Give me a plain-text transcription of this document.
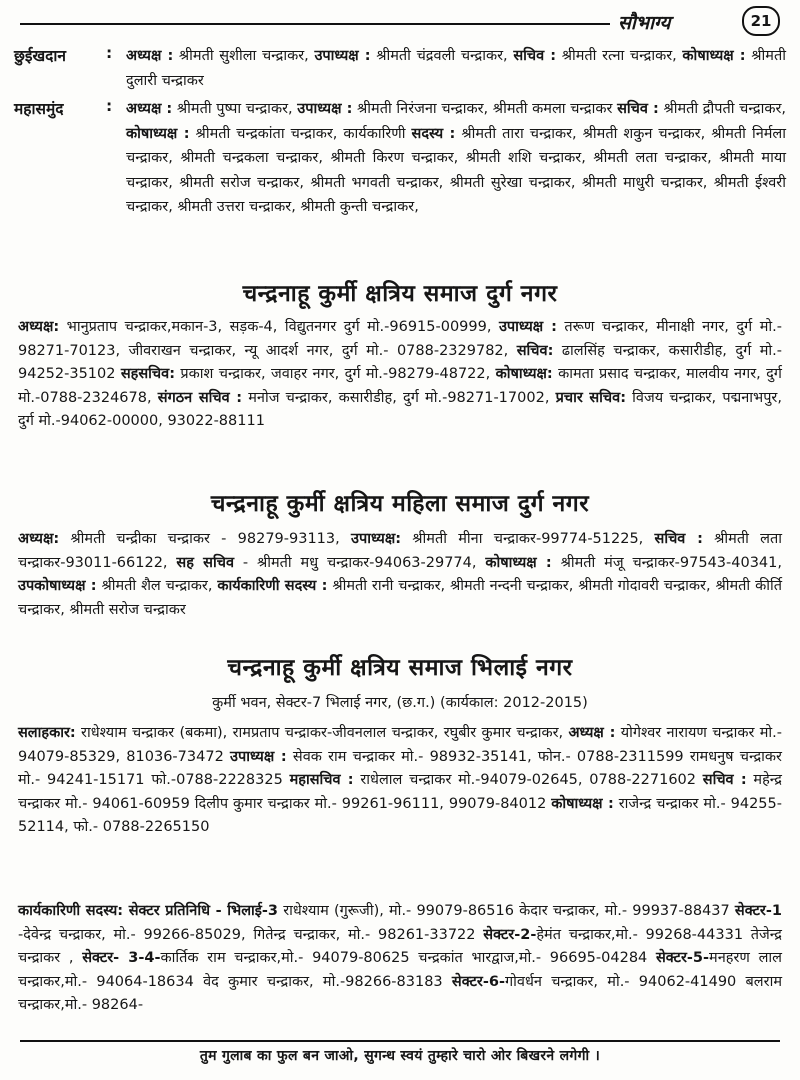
सौभाग्य	21
छुईखदान	: अध्यक्ष : श्रीमती सुशीला चन्द्राकर, उपाध्यक्ष : श्रीमती चंद्रवली चन्द्राकर, सचिव : श्रीमती रत्ना चन्द्राकर, कोषाध्यक्ष : श्रीमती दुलारी चन्द्राकर
महासमुंद	: अध्यक्ष : श्रीमती पुष्पा चन्द्राकर, उपाध्यक्ष : श्रीमती निरंजना चन्द्राकर, श्रीमती कमला चन्द्राकर सचिव : श्रीमती द्रौपती चन्द्राकर, कोषाध्यक्ष : श्रीमती चन्द्रकांता चन्द्राकर, कार्यकारिणी सदस्य : श्रीमती तारा चन्द्राकर, श्रीमती शकुन चन्द्राकर, श्रीमती निर्मला चन्द्राकर, श्रीमती चन्द्रकला चन्द्राकर, श्रीमती किरण चन्द्राकर, श्रीमती शशि चन्द्राकर, श्रीमती लता चन्द्राकर, श्रीमती माया चन्द्राकर, श्रीमती सरोज चन्द्राकर, श्रीमती भगवती चन्द्राकर, श्रीमती सुरेखा चन्द्राकर, श्रीमती माधुरी चन्द्राकर, श्रीमती ईश्वरी चन्द्राकर, श्रीमती उत्तरा चन्द्राकर, श्रीमती कुन्ती चन्द्राकर,
चन्द्रनाहू कुर्मी क्षत्रिय समाज दुर्ग नगर
अध्यक्ष: भानुप्रताप चन्द्राकर,मकान-3, सड़क-4, विद्युतनगर दुर्ग मो.-96915-00999, उपाध्यक्ष : तरूण चन्द्राकर, मीनाक्षी नगर, दुर्ग मो.- 98271-70123, जीवराखन चन्द्राकर, न्यू आदर्श नगर, दुर्ग मो.- 0788-2329782, सचिव: ढालसिंह चन्द्राकर, कसारीडीह, दुर्ग मो.- 94252-35102 सहसचिव: प्रकाश चन्द्राकर, जवाहर नगर, दुर्ग मो.-98279-48722, कोषाध्यक्ष: कामता प्रसाद चन्द्राकर, मालवीय नगर, दुर्ग मो.-0788-2324678, संगठन सचिव : मनोज चन्द्राकर, कसारीडीह, दुर्ग मो.-98271-17002, प्रचार सचिव: विजय चन्द्राकर, पद्मनाभपुर, दुर्ग मो.-94062-00000, 93022-88111
चन्द्रनाहू कुर्मी क्षत्रिय महिला समाज दुर्ग नगर
अध्यक्ष: श्रीमती चन्द्रीका चन्द्राकर - 98279-93113, उपाध्यक्ष: श्रीमती मीना चन्द्राकर-99774-51225, सचिव : श्रीमती लता चन्द्राकर-93011-66122, सह सचिव - श्रीमती मधु चन्द्राकर-94063-29774, कोषाध्यक्ष : श्रीमती मंजू चन्द्राकर-97543-40341, उपकोषाध्यक्ष : श्रीमती शैल चन्द्राकर, कार्यकारिणी सदस्य : श्रीमती रानी चन्द्राकर, श्रीमती नन्दनी चन्द्राकर, श्रीमती गोदावरी चन्द्राकर, श्रीमती कीर्ति चन्द्राकर, श्रीमती सरोज चन्द्राकर
चन्द्रनाहू कुर्मी क्षत्रिय समाज भिलाई नगर
कुर्मी भवन, सेक्टर-7 भिलाई नगर, (छ.ग.) (कार्यकाल: 2012-2015)
सलाहकार: राधेश्याम चन्द्राकर (बकमा), रामप्रताप चन्द्राकर-जीवनलाल चन्द्राकर, रघुबीर कुमार चन्द्राकर, अध्यक्ष : योगेश्वर नारायण चन्द्राकर मो.- 94079-85329, 81036-73472 उपाध्यक्ष : सेवक राम चन्द्राकर मो.- 98932-35141, फोन.- 0788-2311599 रामधनुष चन्द्राकर मो.- 94241-15171 फो.-0788-2228325 महासचिव : राधेलाल चन्द्राकर मो.-94079-02645, 0788-2271602 सचिव : महेन्द्र चन्द्राकर मो.- 94061-60959 दिलीप कुमार चन्द्राकर मो.- 99261-96111, 99079-84012 कोषाध्यक्ष : राजेन्द्र चन्द्राकर मो.- 94255-52114, फो.- 0788-2265150
कार्यकारिणी सदस्य: सेक्टर प्रतिनिधि - भिलाई-3 राधेश्याम (गुरूजी), मो.- 99079-86516 केदार चन्द्राकर, मो.- 99937-88437 सेक्टर-1 -देवेन्द्र चन्द्राकर, मो.- 99266-85029, गितेन्द्र चन्द्राकर, मो.- 98261-33722 सेक्टर-2-हेमंत चन्द्राकर,मो.- 99268-44331 तेजेन्द्र चन्द्राकर , सेक्टर- 3-4-कार्तिक राम चन्द्राकर,मो.- 94079-80625 चन्द्रकांत भारद्वाज,मो.- 96695-04284 सेक्टर-5-मनहरण लाल चन्द्राकर,मो.- 94064-18634 वेद कुमार चन्द्राकर, मो.-98266-83183 सेक्टर-6-गोवर्धन चन्द्राकर, मो.- 94062-41490 बलराम चन्द्राकर,मो.- 98264-
तुम गुलाब का फुल बन जाओ, सुगन्ध स्वयं तुम्हारे चारो ओर बिखरने लगेगी ।
